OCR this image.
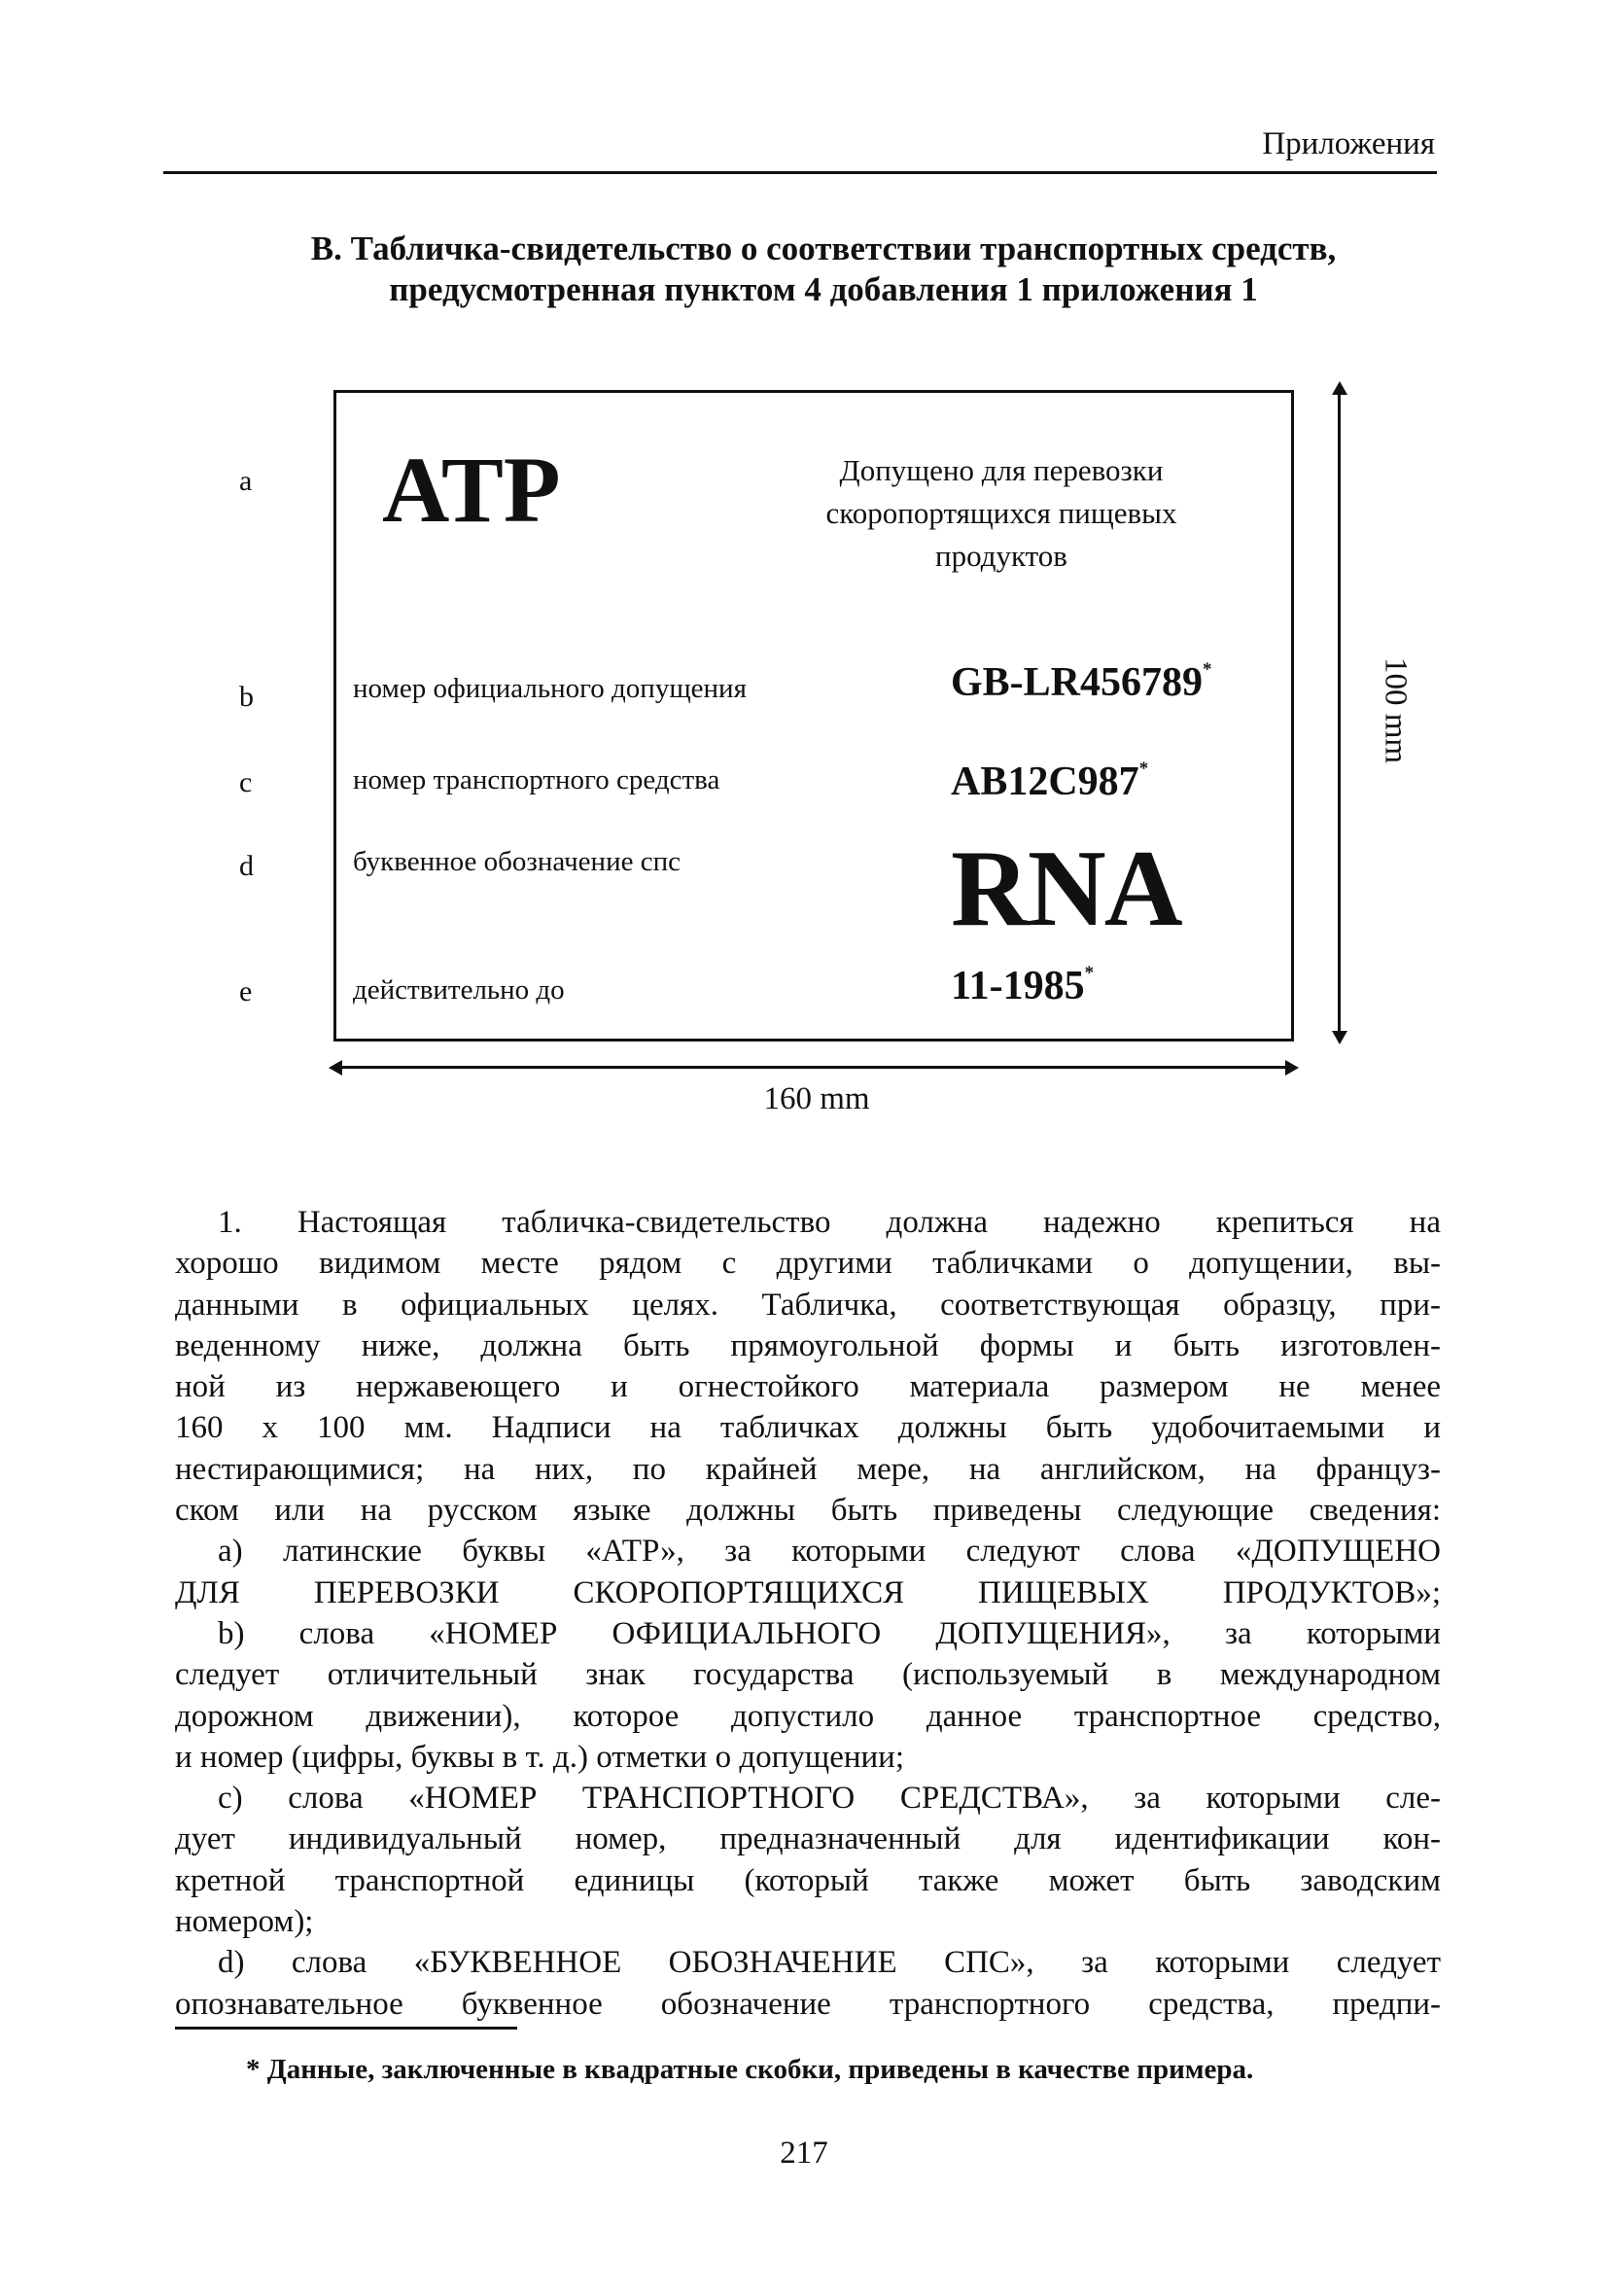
Приложения
B. Табличка-свидетельство о соответствии транспортных средств,
предусмотренная пунктом 4 добавления 1 приложения 1
a
b
c
d
e
АТР	Допущено для перевозки
скоропортящихся пищевых
продуктов
номер официального допущения	GB-LR456789*
номер транспортного средства	AB12C987*
буквенное обозначение спс RNA
действительно до	11-1985*
100 mm
160 mm
1. Настоящая табличка-свидетельство должна надежно крепиться на
хорошо видимом месте рядом с другими табличками о допущении, вы-
данными в официальных целях. Табличка, соответствующая образцу, при-
веденному ниже, должна быть прямоугольной формы и быть изготовлен-
ной из нержавеющего и огнестойкого материала размером не менее
160 x 100 мм. Надписи на табличках должны быть удобочитаемыми и
нестирающимися; на них, по крайней мере, на английском, на француз-
ском или на русском языке должны быть приведены следующие сведения:
a) латинские буквы «АТР», за которыми следуют слова «ДОПУЩЕНО
ДЛЯ ПЕРЕВОЗКИ СКОРОПОРТЯЩИХСЯ ПИЩЕВЫХ ПРОДУКТОВ»;
b) слова «НОМЕР ОФИЦИАЛЬНОГО ДОПУЩЕНИЯ», за которыми
следует отличительный знак государства (используемый в международном
дорожном движении), которое допустило данное транспортное средство,
и номер (цифры, буквы в т. д.) отметки о допущении;
c) слова «НОМЕР ТРАНСПОРТНОГО СРЕДСТВА», за которыми сле-
дует индивидуальный номер, предназначенный для идентификации кон-
кретной транспортной единицы (который также может быть заводским
номером);
d) слова «БУКВЕННОЕ ОБОЗНАЧЕНИЕ СПС», за которыми следует
опознавательное буквенное обозначение транспортного средства, предпи-
* Данные, заключенные в квадратные скобки, приведены в качестве примера.
217
